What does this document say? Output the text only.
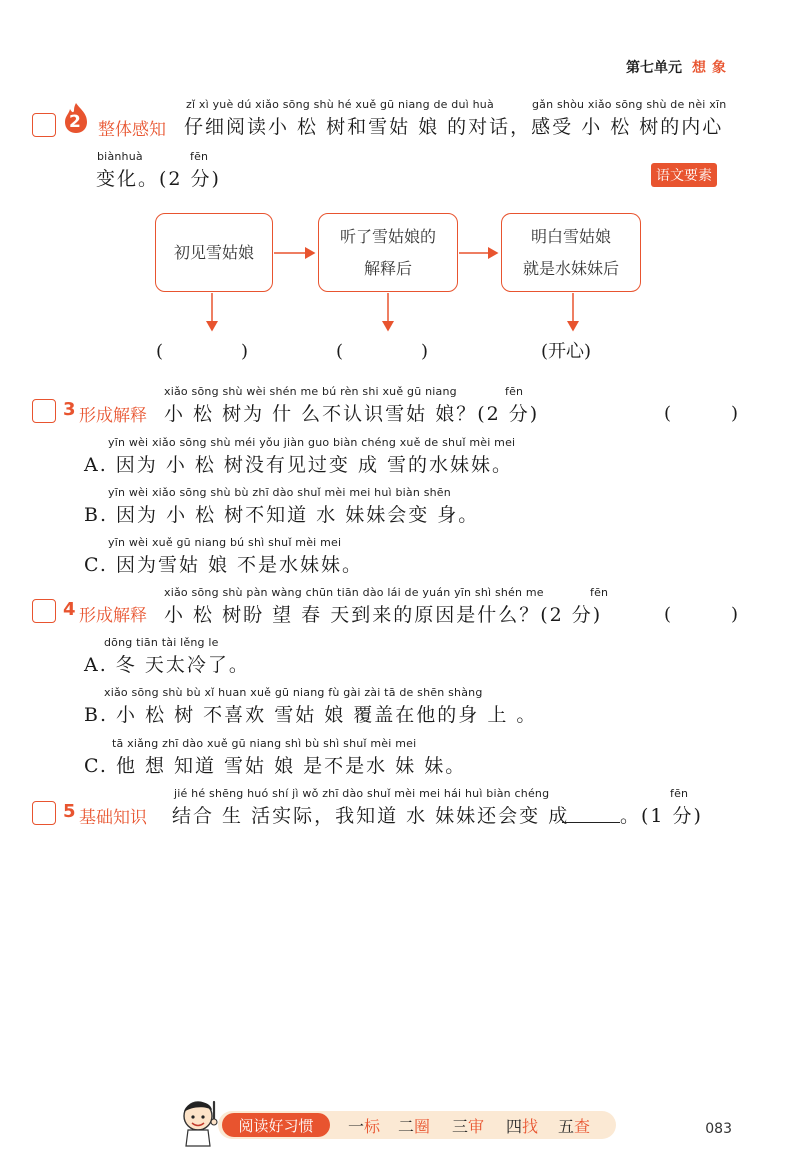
第七单元 想象
2 整体感知
zǐ xì yuè dú xiǎo sōng shù hé xuě gū niang de duì huà	gǎn shòu xiǎo sōng shù de nèi xīn
仔细阅读小 松 树和雪姑 娘 的对话，感受 小 松 树的内心
biànhuà	fēn
变化。(2 分)	语文要素
初见雪姑娘
听了雪姑娘的
解释后
明白雪姑娘
就是水妹妹后
(　　　)	(　　　)	(开心)
3 形成解释
xiǎo sōng shù wèi shén me bú rèn shi xuě gū niang	fēn
小 松 树为 什 么不认识雪姑 娘？(2 分)	(　　)
yīn wèi xiǎo sōng shù méi yǒu jiàn guo biàn chéng xuě de shuǐ mèi mei
A. 因为 小 松 树没有见过变 成 雪的水妹妹。
yīn wèi xiǎo sōng shù bù zhī dào shuǐ mèi mei huì biàn shēn
B. 因为 小 松 树不知道 水 妹妹会变 身。
yīn wèi xuě gū niang bú shì shuǐ mèi mei
C. 因为雪姑 娘 不是水妹妹。
4 形成解释
xiǎo sōng shù pàn wàng chūn tiān dào lái de yuán yīn shì shén me	fēn
小 松 树盼 望 春 天到来的原因是什么？(2 分)	(　　)
dōng tiān tài lěng le
A. 冬 天太冷了。
xiǎo sōng shù bù xǐ huan xuě gū niang fù gài zài tā de shēn shàng
B. 小 松 树 不喜欢 雪姑 娘 覆盖在他的身 上 。
tā xiǎng zhī dào xuě gū niang shì bù shì shuǐ mèi mei
C. 他 想 知道 雪姑 娘 是不是水 妹 妹。
5 基础知识
jié hé shēng huó shí jì wǒ zhī dào shuǐ mèi mei hái huì biàn chéng	fēn
结合 生 活实际，我知道 水 妹妹还会变 成	。(1 分)
阅读好习惯	一标 二圈 三审 四找 五查	083
